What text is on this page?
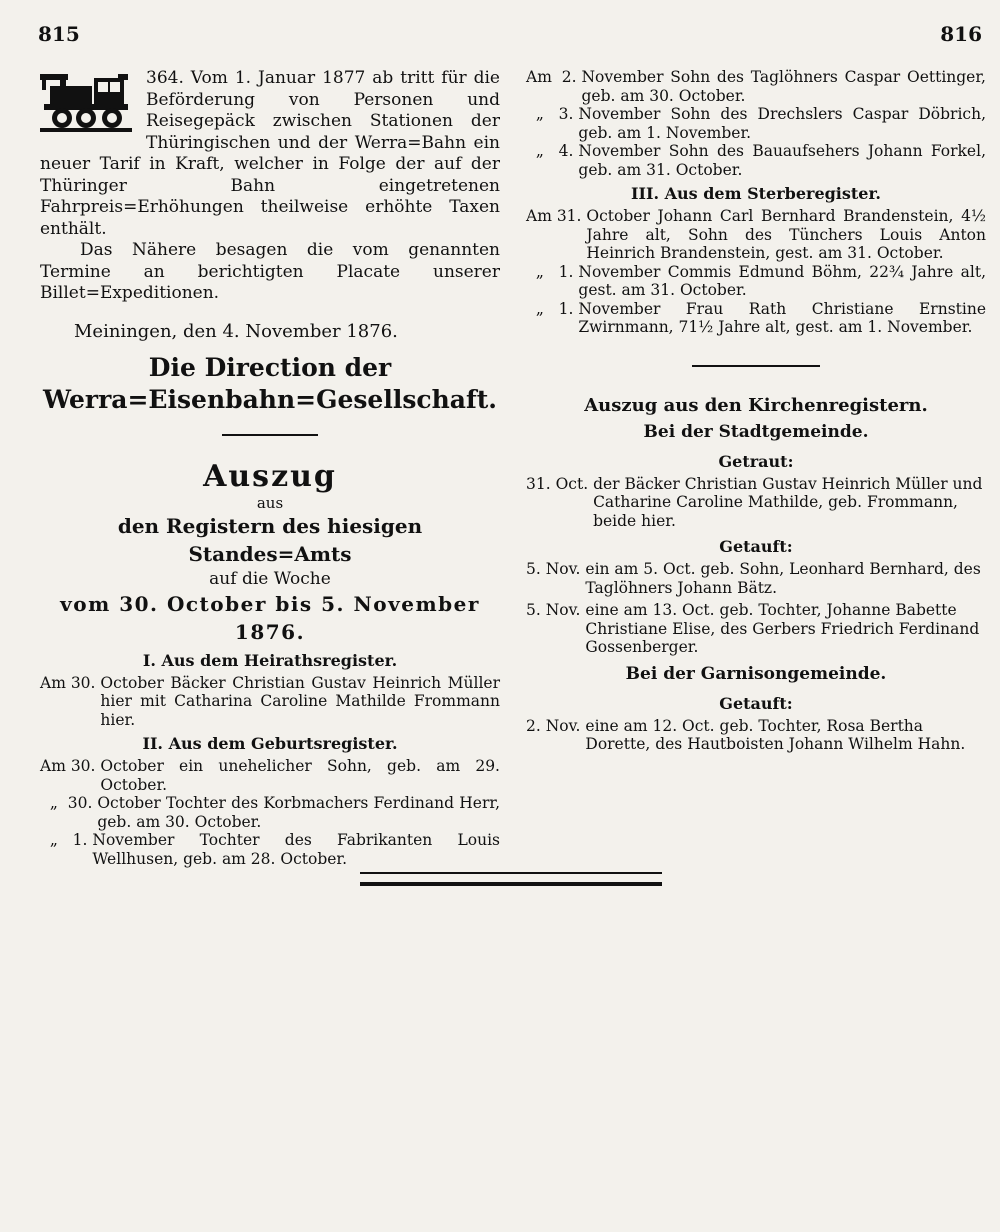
815	816

364. Vom 1. Januar 1877 ab tritt für die Beförderung von Personen und Reisegepäck zwischen Stationen der Thüringischen und der Werra=Bahn ein neuer Tarif in Kraft, welcher in Folge der auf der Thüringer Bahn eingetretenen Fahrpreis=Erhöhungen theilweise erhöhte Taxen enthält.

Das Nähere besagen die vom genannten Termine an berichtigten Placate unserer Billet=Expeditionen.

Meiningen, den 4. November 1876.

Die Direction der Werra=Eisenbahn=Gesellschaft.

Auszug

aus

den Registern des hiesigen Standes=Amts

auf die Woche

vom 30. October bis 5. November 1876.

I. Aus dem Heirathsregister.

Am 30. October Bäcker Christian Gustav Heinrich Müller hier mit Catharina Caroline Mathilde Frommann hier.

II. Aus dem Geburtsregister.

Am 30. October ein unehelicher Sohn, geb. am 29. October.
„  30. October Tochter des Korbmachers Ferdinand Herr, geb. am 30. October.
„   1. November Tochter des Fabrikanten Louis Wellhusen, geb. am 28. October.
Am  2. November Sohn des Taglöhners Caspar Oettinger, geb. am 30. October.
„   3. November Sohn des Drechslers Caspar Döbrich, geb. am 1. November.
„   4. November Sohn des Bauaufsehers Johann Forkel, geb. am 31. October.

III. Aus dem Sterberegister.

Am 31. October Johann Carl Bernhard Brandenstein, 4½ Jahre alt, Sohn des Tünchers Louis Anton Heinrich Brandenstein, gest. am 31. October.
„   1. November Commis Edmund Böhm, 22¾ Jahre alt, gest. am 31. October.
„   1. November Frau Rath Christiane Ernstine Zwirnmann, 71½ Jahre alt, gest. am 1. November.

Auszug aus den Kirchenregistern.

Bei der Stadtgemeinde.

Getraut:

31. Oct. der Bäcker Christian Gustav Heinrich Müller und Catharine Caroline Mathilde, geb. Frommann, beide hier.

Getauft:

5. Nov. ein am 5. Oct. geb. Sohn, Leonhard Bernhard, des Taglöhners Johann Bätz.
5. Nov. eine am 13. Oct. geb. Tochter, Johanne Babette Christiane Elise, des Gerbers Friedrich Ferdinand Gossenberger.

Bei der Garnisongemeinde.

Getauft:

2. Nov. eine am 12. Oct. geb. Tochter, Rosa Bertha Dorette, des Hautboisten Johann Wilhelm Hahn.
